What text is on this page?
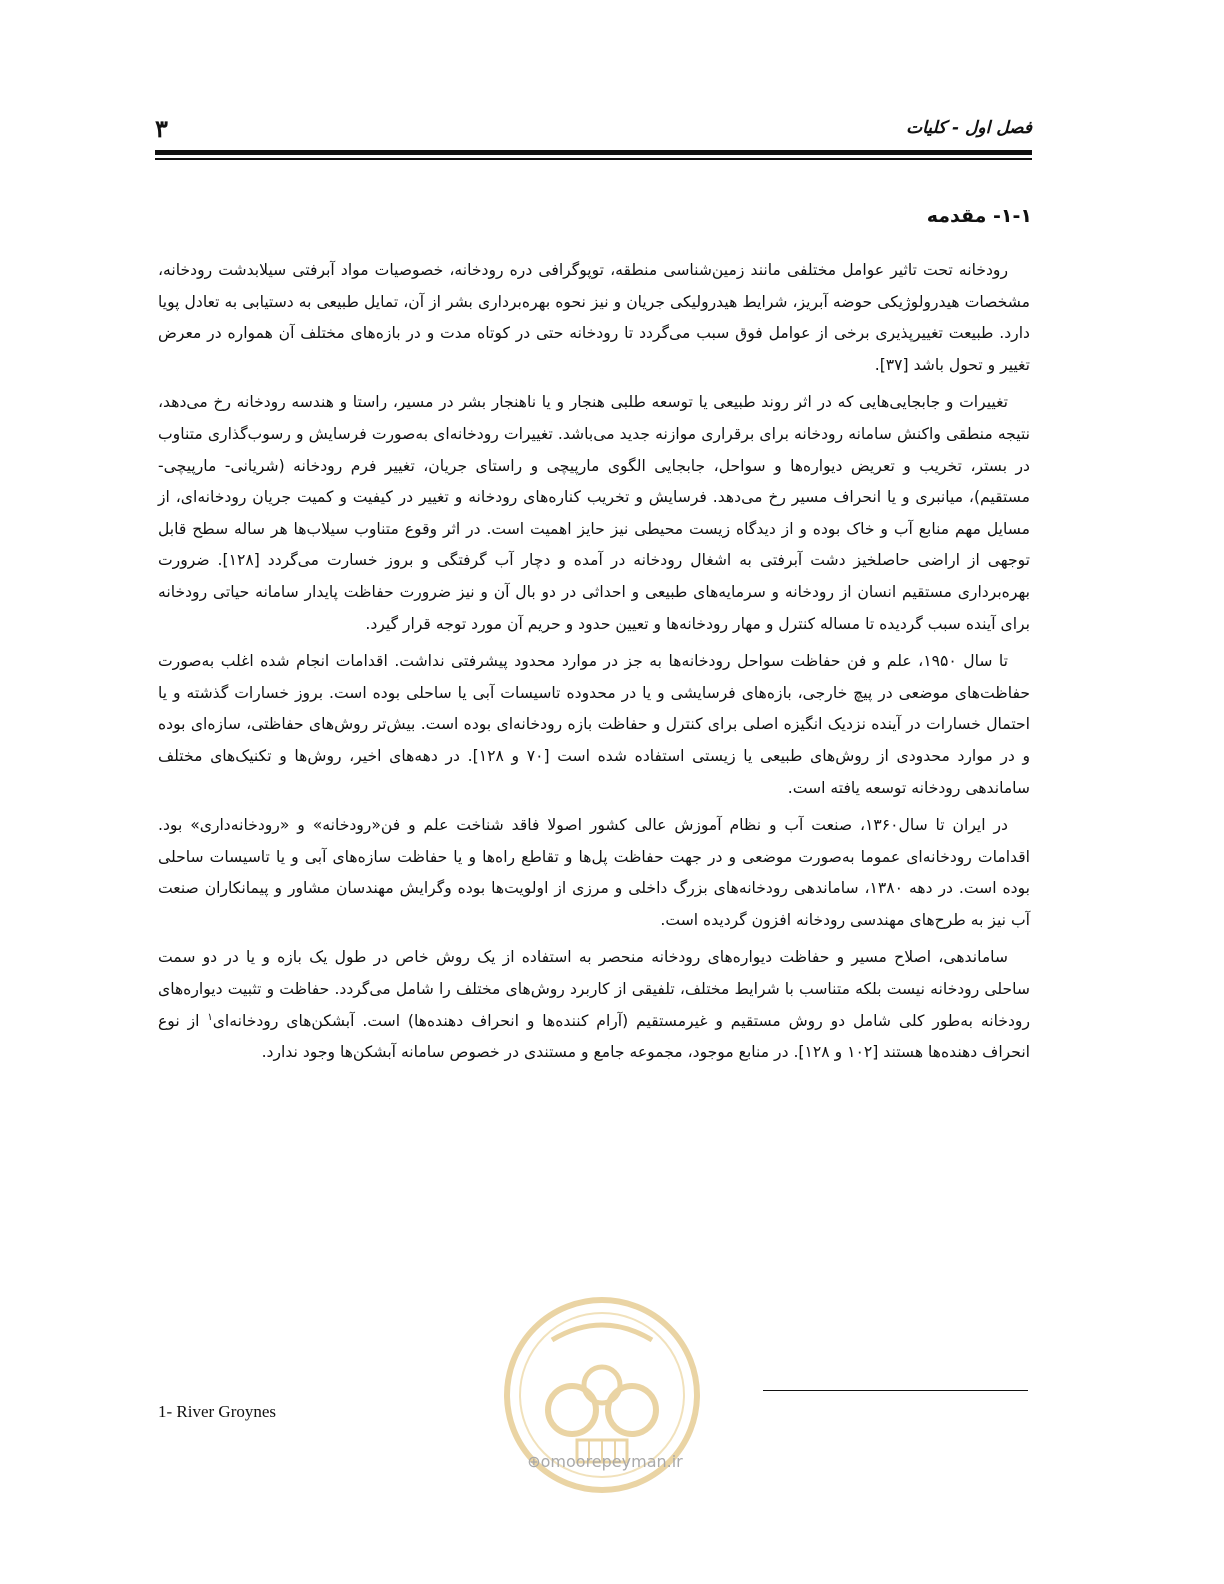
فصل اول - کلیات
۳
۱-۱- مقدمه

رودخانه تحت تاثیر عوامل مختلفی مانند زمین‌شناسی منطقه، توپوگرافی دره رودخانه، خصوصیات مواد آبرفتی سیلابدشت رودخانه، مشخصات هیدرولوژیکی حوضه آبریز، شرایط هیدرولیکی جریان و نیز نحوه بهره‌برداری بشر از آن، تمایل طبیعی به دستیابی به تعادل پویا دارد. طبیعت تغییرپذیری برخی از عوامل فوق سبب می‌گردد تا رودخانه حتی در کوتاه مدت و در بازه‌های مختلف آن همواره در معرض تغییر و تحول باشد [۳۷].

تغییرات و جابجایی‌هایی که در اثر روند طبیعی یا توسعه طلبی هنجار و یا ناهنجار بشر در مسیر، راستا و هندسه رودخانه رخ می‌دهد، نتیجه منطقی واکنش سامانه رودخانه برای برقراری موازنه جدید می‌باشد. تغییرات رودخانه‌ای به‌صورت فرسایش و رسوب‌گذاری متناوب در بستر، تخریب و تعریض دیواره‌ها و سواحل، جابجایی الگوی مارپیچی و راستای جریان، تغییر فرم رودخانه (شریانی- مارپیچی- مستقیم)، میانبری و یا انحراف مسیر رخ می‌دهد. فرسایش و تخریب کناره‌های رودخانه و تغییر در کیفیت و کمیت جریان رودخانه‌ای، از مسایل مهم منابع آب و خاک بوده و از دیدگاه زیست محیطی نیز حایز اهمیت است. در اثر وقوع متناوب سیلاب‌ها هر ساله سطح قابل توجهی از اراضی حاصلخیز دشت آبرفتی به اشغال رودخانه در آمده و دچار آب گرفتگی و بروز خسارت می‌گردد [۱۲۸]. ضرورت بهره‌برداری مستقیم انسان از رودخانه و سرمایه‌های طبیعی و احداثی در دو بال آن و نیز ضرورت حفاظت پایدار سامانه حیاتی رودخانه برای آینده سبب گردیده تا مساله کنترل و مهار رودخانه‌ها و تعیین حدود و حریم آن مورد توجه قرار گیرد.

تا سال ۱۹۵۰، علم و فن حفاظت سواحل رودخانه‌ها به جز در موارد محدود پیشرفتی نداشت. اقدامات انجام شده اغلب به‌صورت حفاظت‌های موضعی در پیچ خارجی، بازه‌های فرسایشی و یا در محدوده تاسیسات آبی یا ساحلی بوده است. بروز خسارات گذشته و یا احتمال خسارات در آینده نزدیک انگیزه اصلی برای کنترل و حفاظت بازه رودخانه‌ای بوده است. بیش‌تر روش‌های حفاظتی، سازه‌ای بوده و در موارد محدودی از روش‌های طبیعی یا زیستی استفاده شده است [۷۰ و ۱۲۸]. در دهه‌های اخیر، روش‌ها و تکنیک‌های مختلف ساماندهی رودخانه توسعه یافته است.

در ایران تا سال۱۳۶۰، صنعت آب و نظام آموزش عالی کشور اصولا فاقد شناخت علم و فن«رودخانه» و «رودخانه‌داری» بود. اقدامات رودخانه‌ای عموما به‌صورت موضعی و در جهت حفاظت پل‌ها و تقاطع راه‌ها و یا حفاظت سازه‌های آبی و یا تاسیسات ساحلی بوده است. در دهه ۱۳۸۰، ساماندهی رودخانه‌های بزرگ داخلی و مرزی از اولویت‌ها بوده وگرایش مهندسان مشاور و پیمانکاران صنعت آب نیز به طرح‌های مهندسی رودخانه افزون گردیده است.

ساماندهی، اصلاح مسیر و حفاظت دیواره‌های رودخانه منحصر به استفاده از یک روش خاص در طول یک بازه و یا در دو سمت ساحلی رودخانه نیست بلکه متناسب با شرایط مختلف، تلفیقی از کاربرد روش‌های مختلف را شامل می‌گردد. حفاظت و تثبیت دیواره‌های رودخانه به‌طور کلی شامل دو روش مستقیم و غیرمستقیم (آرام کننده‌ها و انحراف دهنده‌ها) است. آبشکن‌های رودخانه‌ای$^۱$ از نوع انحراف دهنده‌ها هستند [۱۰۲ و ۱۲۸]. در منابع موجود، مجموعه جامع و مستندی در خصوص سامانه آبشکن‌ها وجود ندارد.

⊕omoorepeyman.ir
1- River Groynes
